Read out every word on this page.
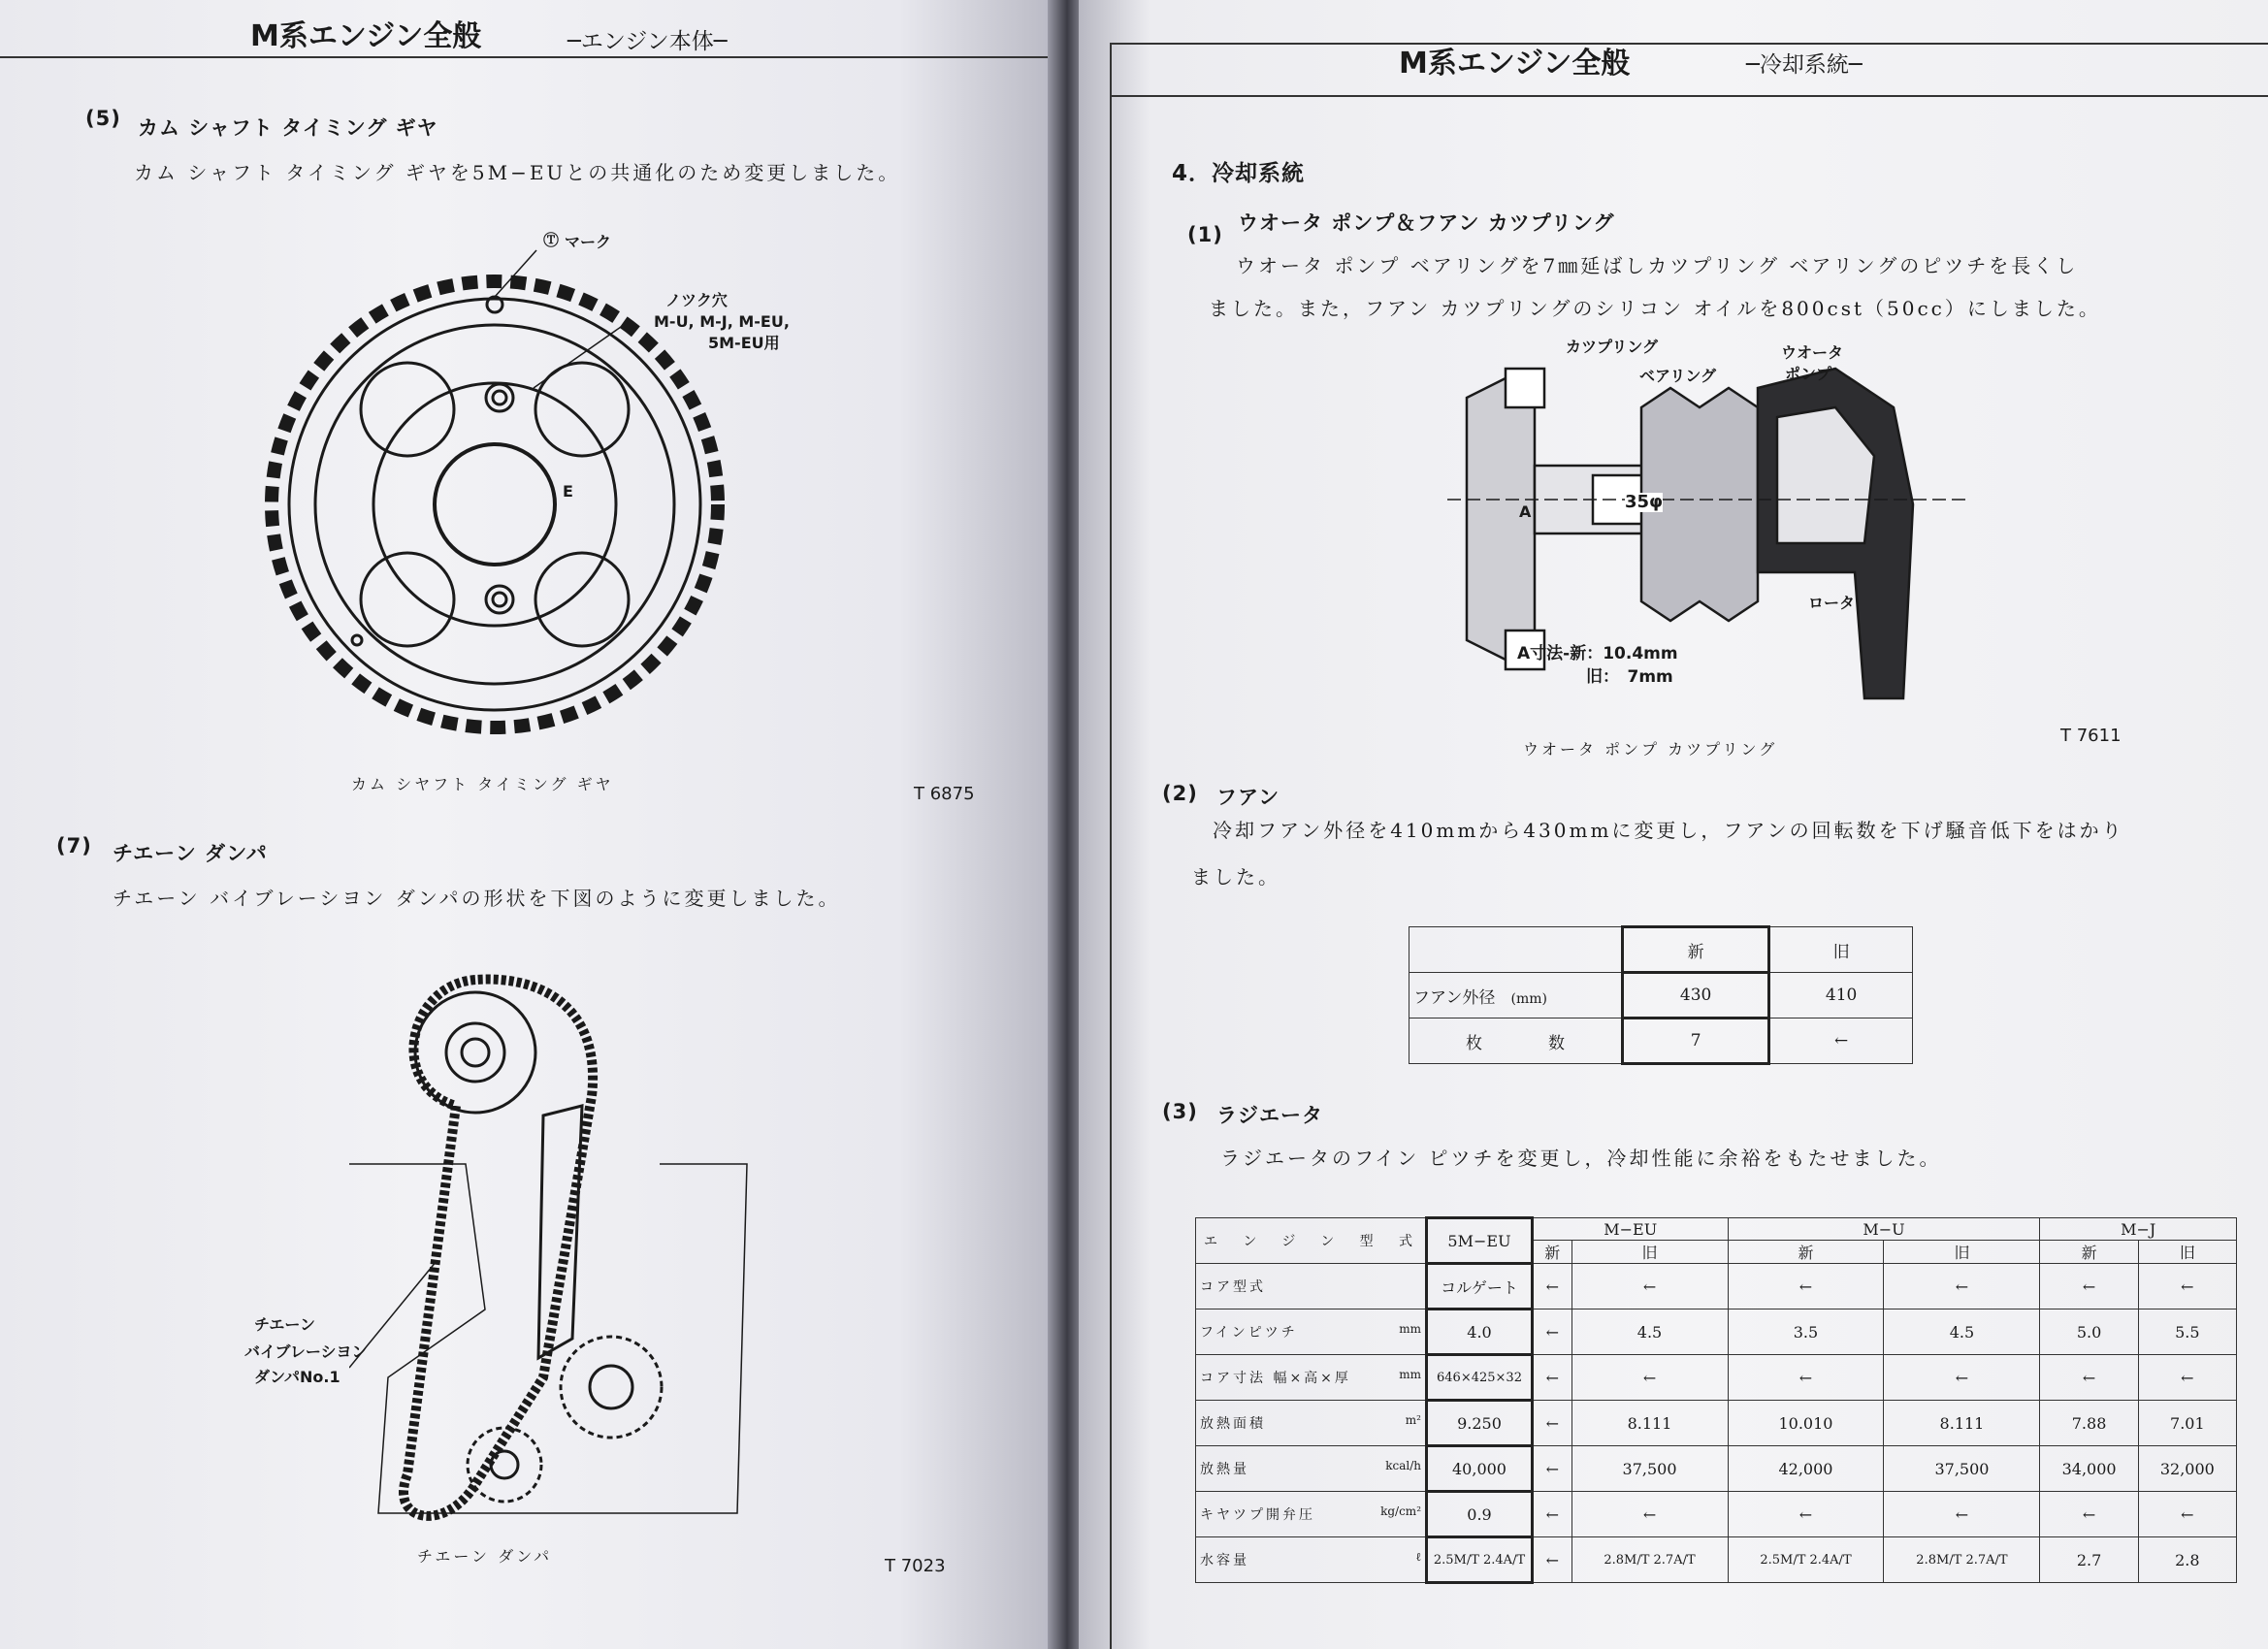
M系エンジン全般	─エンジン本体─
(5) カム シャフト タイミング ギヤ
カム シャフト タイミング ギヤを5M−EUとの共通化のため変更しました。
Ⓣ マーク
ノツク穴
M-U, M-J, M-EU,
5M-EU用
E
カム シヤフト タイミング ギヤ	T 6875
(7) チエーン ダンパ
チエーン バイブレーシヨン ダンパの形状を下図のように変更しました。
チエーン
バイブレーシヨン
ダンパNo.1
チエーン ダンパ	T 7023
M系エンジン全般	─冷却系統─
4．冷却系統
(1) ウオータ ポンプ＆フアン カツプリング
ウオータ ポンプ ベアリングを7㎜延ばしカツプリング ベアリングのピツチを長くし
ました。また，フアン カツプリングのシリコン オイルを800cst（50cc）にしました。
カツプリング
ベアリング
ウオータ
ポンプ
35φ
A
ロータ
A寸法-新：10.4mm
旧：　7mm
ウオータ ポンプ カツプリング
T 7611
(2) フアン
冷却フアン外径を410mmから430mmに変更し，フアンの回転数を下げ騒音低下をはかり
ました。
	新	旧
フアン外径 (mm)	430	410
枚　　　　数	7	←
(3) ラジエータ
ラジエータのフイン ピツチを変更し，冷却性能に余裕をもたせました。
エンジン型式	5M−EU	M−EU		M−U		M−J	
		新	旧	新	旧	新	旧
コア型式	コルゲート	←	←	←	←	←	←
フインピツチ mm	4.0	←	4.5	3.5	4.5	5.0	5.5
コア寸法 幅×高×厚 mm	646×425×32	←	←	←	←	←	←
放熱面積 m²	9.250	←	8.111	10.010	8.111	7.88	7.01
放熱量 kcal/h	40,000	←	37,500	42,000	37,500	34,000	32,000
キヤツプ開弁圧 kg/cm²	0.9	←	←	←	←	←	←
水容量 ℓ	2.5M/T 2.4A/T	←	2.8M/T 2.7A/T	2.5M/T 2.4A/T	2.8M/T 2.7A/T	2.7	2.8
